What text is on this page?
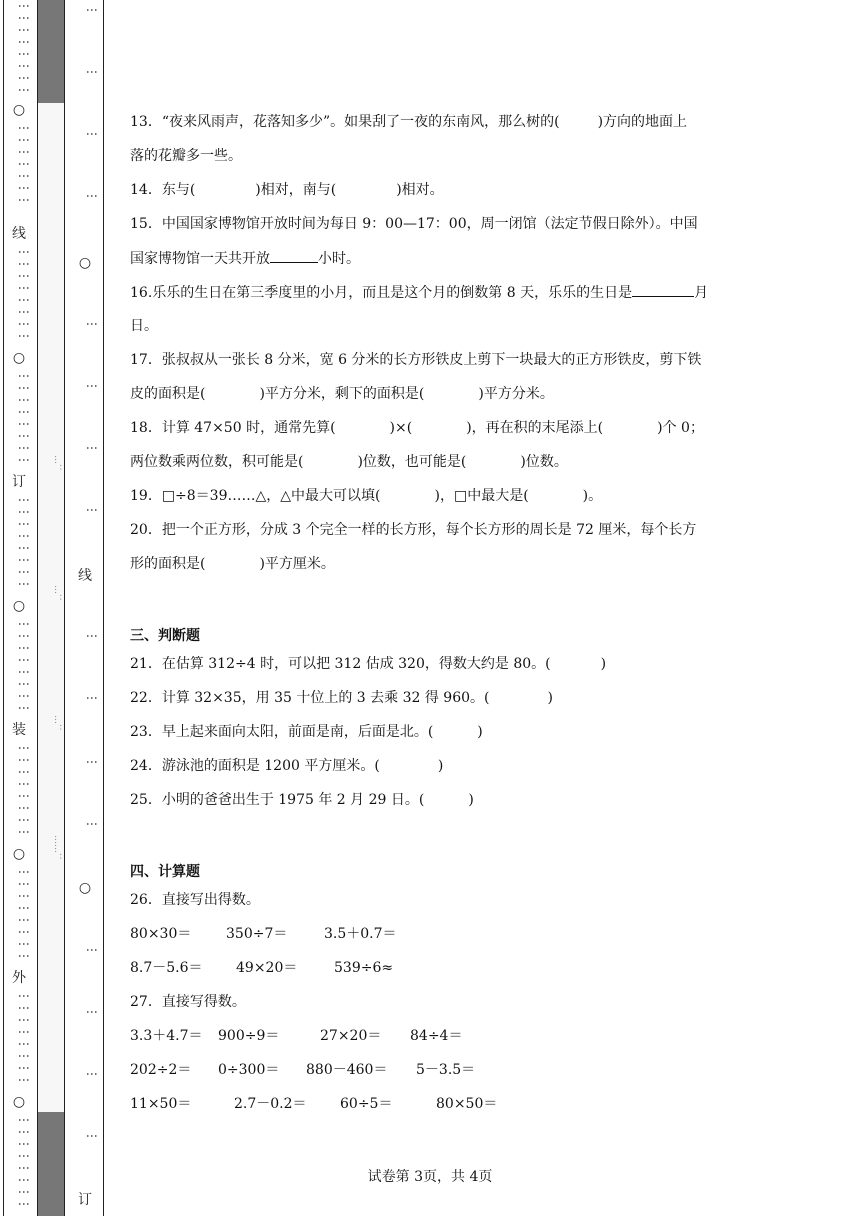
⋮⋮⋮⋮⋮⋮⋮⋮
○
⋮⋮⋮⋮⋮⋮⋮
线
⋮⋮⋮⋮⋮⋮⋮⋮
○
⋮⋮⋮⋮⋮⋮⋮⋮
订
⋮⋮⋮⋮⋮⋮⋮⋮
○
⋮⋮⋮⋮⋮⋮⋮⋮
装
⋮⋮⋮⋮⋮⋮⋮⋮
○
⋮⋮⋮⋮⋮⋮⋮⋮
外
⋮⋮⋮⋮⋮⋮⋮⋮
○
⋮⋮⋮⋮⋮⋮⋮⋮
…：
…：
…：
……：
⋮
⋮
⋮
⋮
○
⋮
⋮
⋮
⋮
线
⋮
⋮
⋮
⋮
○
⋮
⋮
⋮
⋮
订
13．“夜来风雨声，花落知多少”。如果刮了一夜的东南风，那么树的(	)方向的地面上
落的花瓣多一些。
14．东与(	)相对，南与(	)相对。
15．中国国家博物馆开放时间为每日 9：00—17：00，周一闭馆（法定节假日除外）。中国
国家博物馆一天共开放	小时。
16.乐乐的生日在第三季度里的小月，而且是这个月的倒数第 8 天，乐乐的生日是	月
日。
17．张叔叔从一张长 8 分米，宽 6 分米的长方形铁皮上剪下一块最大的正方形铁皮，剪下铁
皮的面积是(	)平方分米，剩下的面积是(	)平方分米。
18．计算 47×50 时，通常先算(	)×(	)，再在积的末尾添上(	)个 0；
两位数乘两位数，积可能是(	)位数，也可能是(	)位数。
19．□÷8＝39……△，△中最大可以填(	)，□中最大是(	)。
20．把一个正方形，分成 3 个完全一样的长方形，每个长方形的周长是 72 厘米，每个长方
形的面积是(	)平方厘米。
三、判断题
21．在估算 312÷4 时，可以把 312 估成 320，得数大约是 80。(	)
22．计算 32×35，用 35 十位上的 3 去乘 32 得 960。(	)
23．早上起来面向太阳，前面是南，后面是北。(	)
24．游泳池的面积是 1200 平方厘米。(	)
25．小明的爸爸出生于 1975 年 2 月 29 日。(	)
四、计算题
26．直接写出得数。
80×30＝ 350÷7＝	3.5＋0.7＝
8.7－5.6＝ 49×20＝	539÷6≈
27．直接写得数。
3.3＋4.7＝ 900÷9＝	27×20＝ 84÷4＝
202÷2＝ 0÷300＝ 880－460＝ 5－3.5＝
11×50＝	2.7－0.2＝ 60÷5＝	80×50＝
试卷第 3页，共 4页
